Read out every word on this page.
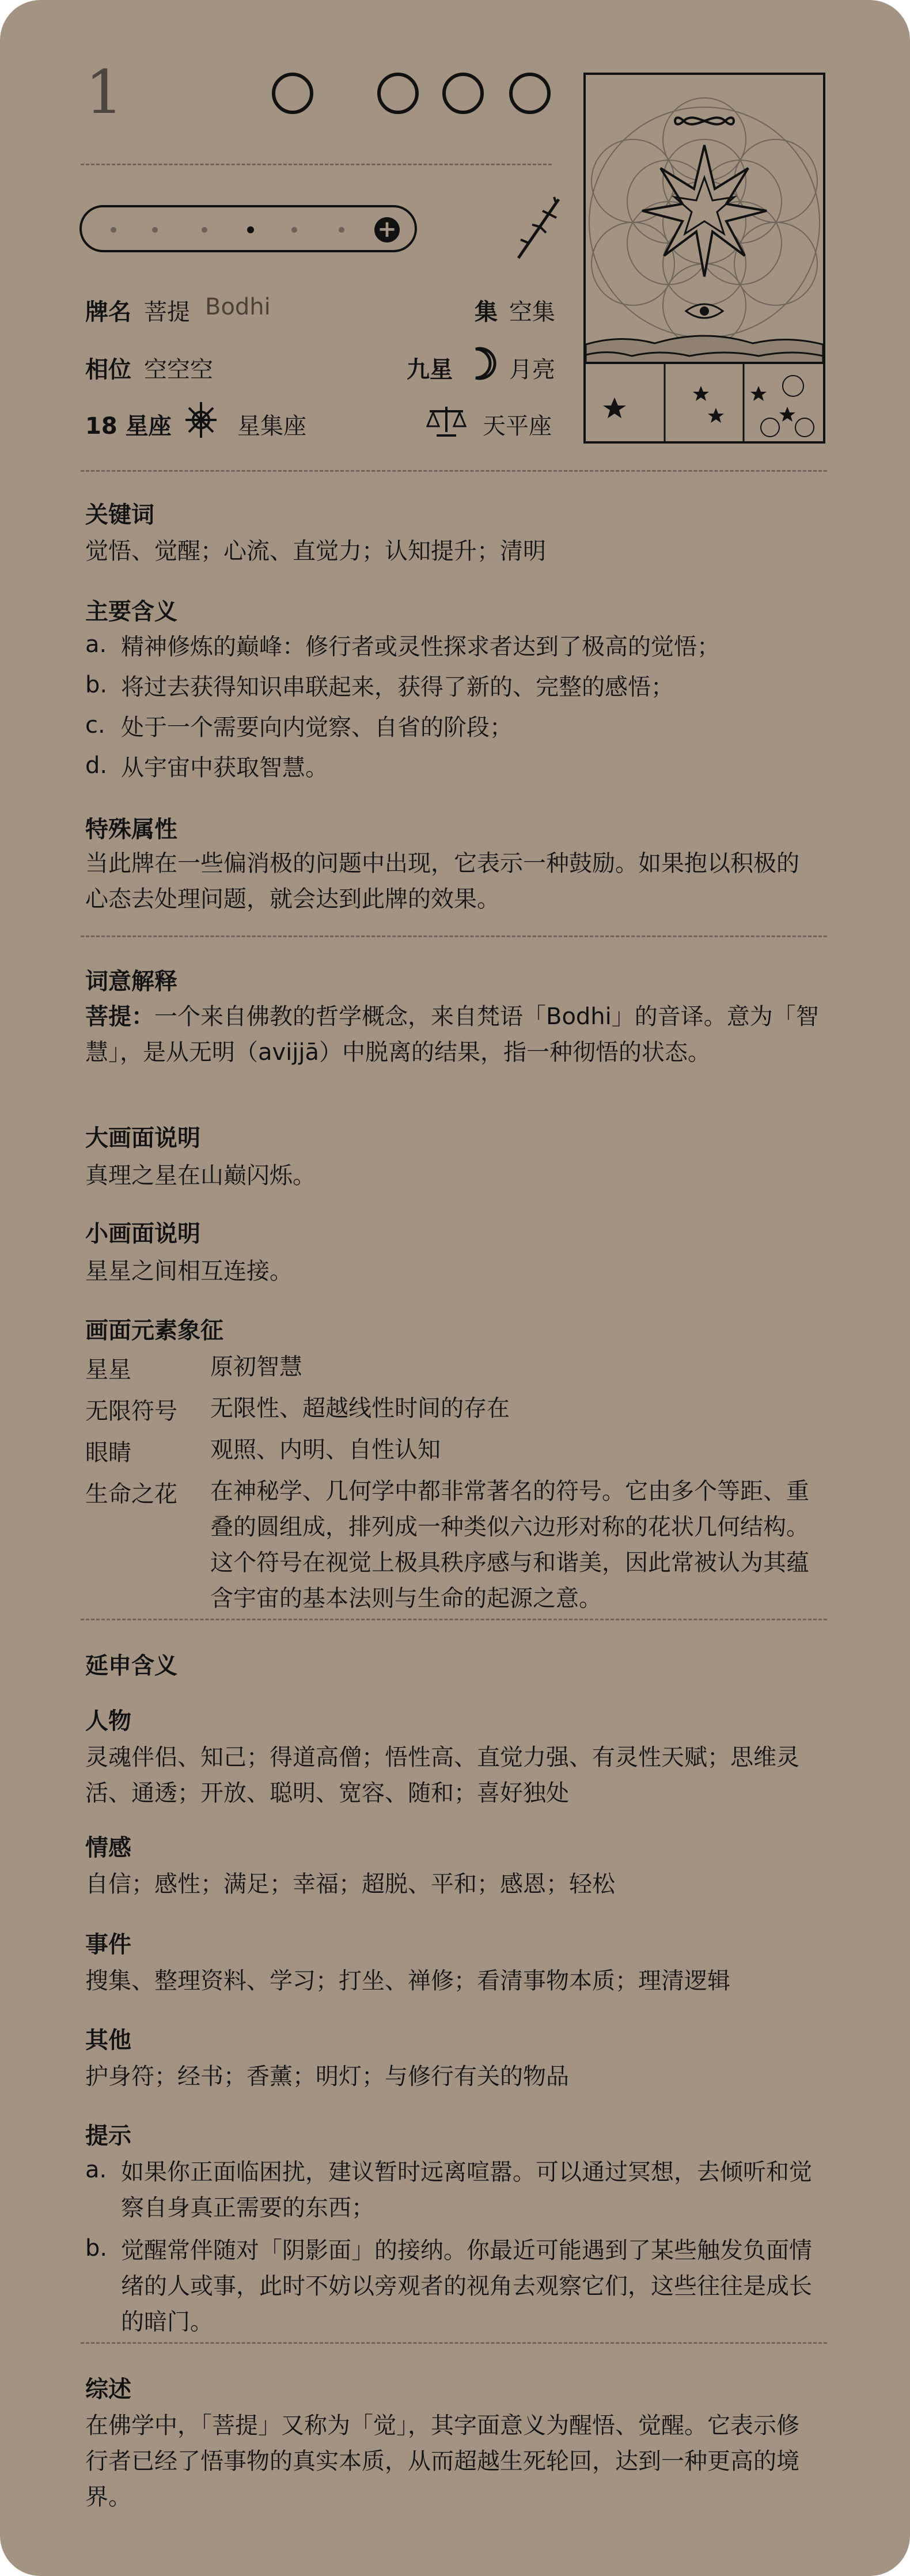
1
+
牌名 菩提 Bodhi	集 空集
相位 空空空	九星 月亮
18 星座	星集座	天平座
关键词
觉悟、觉醒；心流、直觉力；认知提升；清明
主要含义
a. 精神修炼的巅峰：修行者或灵性探求者达到了极高的觉悟；
b. 将过去获得知识串联起来，获得了新的、完整的感悟；
c. 处于一个需要向内觉察、自省的阶段；
d. 从宇宙中获取智慧。
特殊属性
当此牌在一些偏消极的问题中出现，它表示一种鼓励。如果抱以积极的心态去处理问题，就会达到此牌的效果。
词意解释
菩提：一个来自佛教的哲学概念，来自梵语「Bodhi」的音译。意为「智慧」，是从无明（avijjā）中脱离的结果，指一种彻悟的状态。
大画面说明
真理之星在山巅闪烁。
小画面说明
星星之间相互连接。
画面元素象征
星星	原初智慧
无限符号 无限性、超越线性时间的存在
眼睛	观照、内明、自性认知
生命之花 在神秘学、几何学中都非常著名的符号。它由多个等距、重叠的圆组成，排列成一种类似六边形对称的花状几何结构。这个符号在视觉上极具秩序感与和谐美，因此常被认为其蕴含宇宙的基本法则与生命的起源之意。
延申含义
人物
灵魂伴侣、知己；得道高僧；悟性高、直觉力强、有灵性天赋；思维灵活、通透；开放、聪明、宽容、随和；喜好独处
情感
自信；感性；满足；幸福；超脱、平和；感恩；轻松
事件
搜集、整理资料、学习；打坐、禅修；看清事物本质；理清逻辑
其他
护身符；经书；香薰；明灯；与修行有关的物品
提示
a. 如果你正面临困扰，建议暂时远离喧嚣。可以通过冥想，去倾听和觉察自身真正需要的东西；
b. 觉醒常伴随对「阴影面」的接纳。你最近可能遇到了某些触发负面情绪的人或事，此时不妨以旁观者的视角去观察它们，这些往往是成长的暗门。
综述
在佛学中，「菩提」又称为「觉」，其字面意义为醒悟、觉醒。它表示修行者已经了悟事物的真实本质，从而超越生死轮回，达到一种更高的境界。
